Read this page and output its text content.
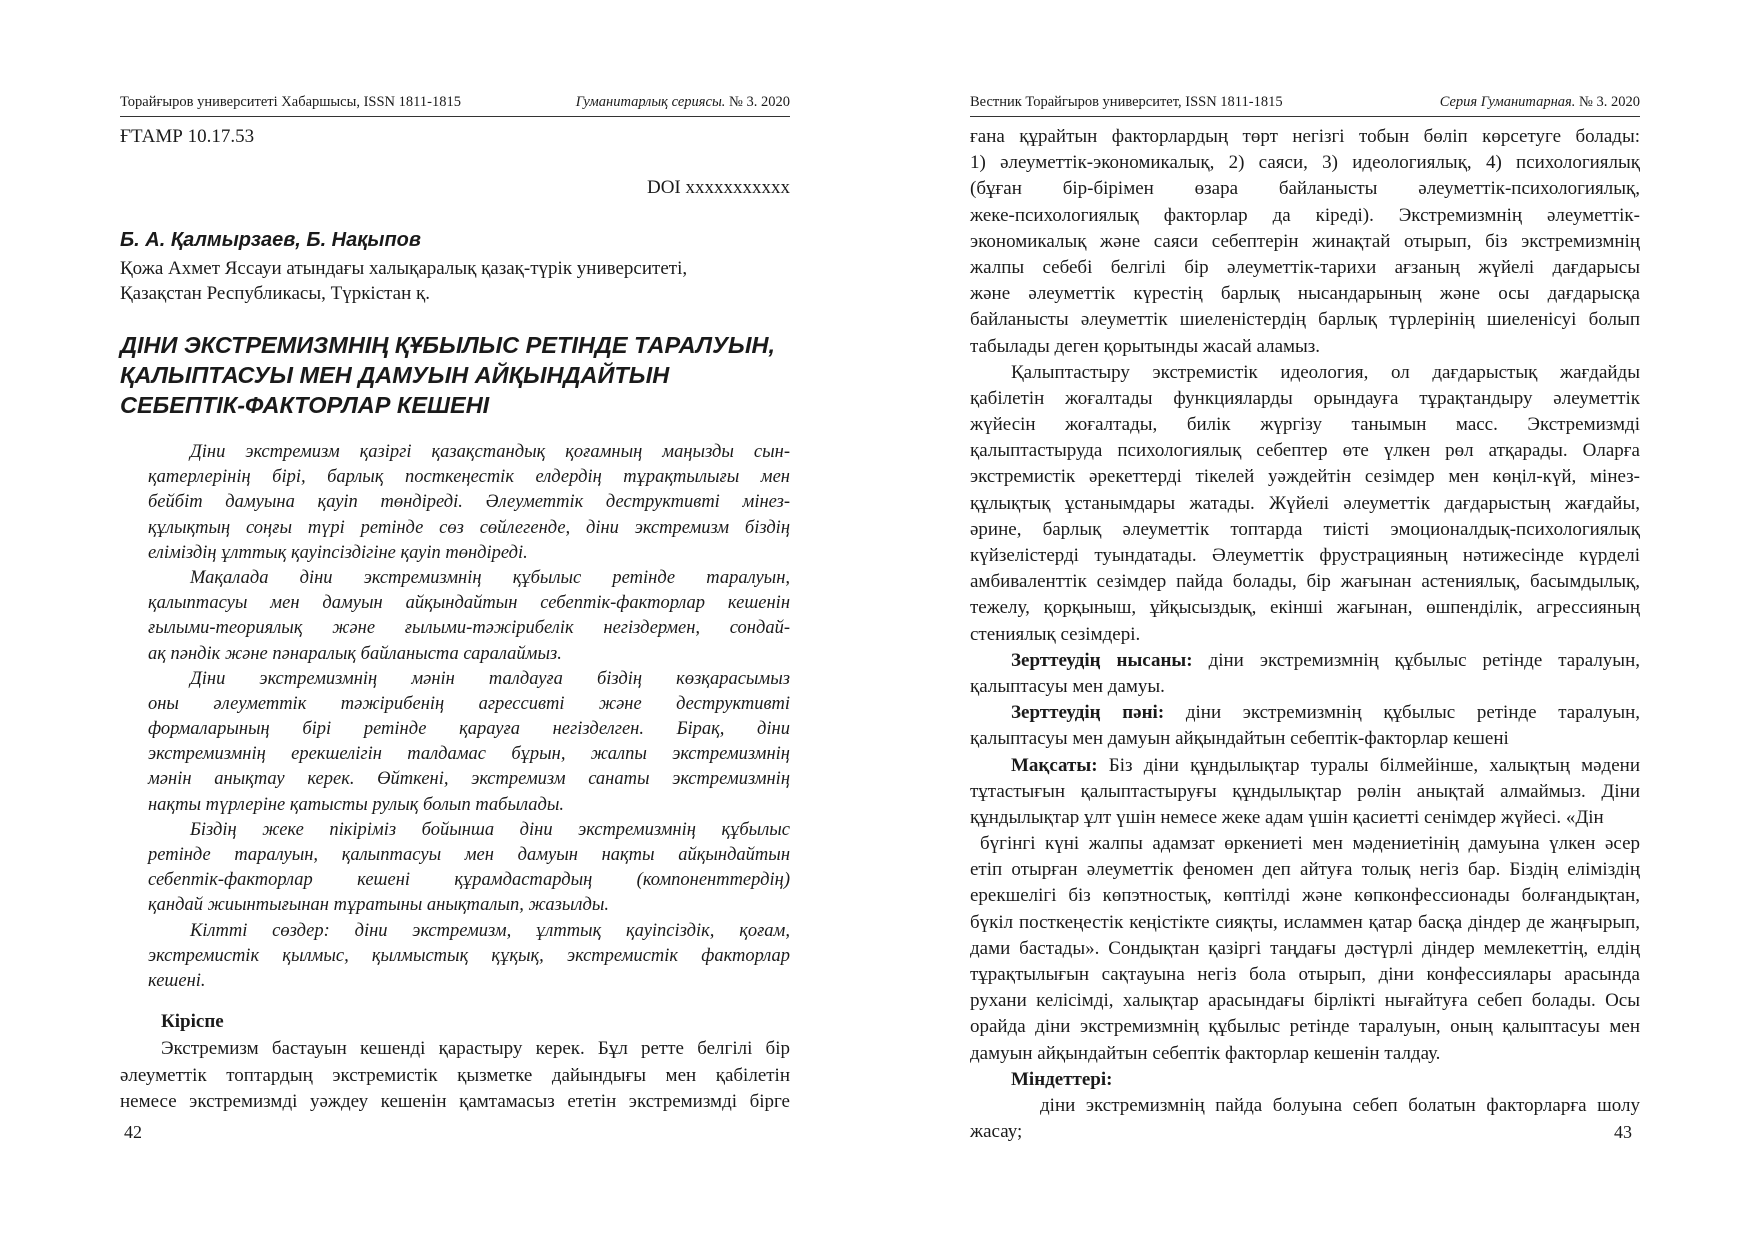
Торайғыров университеті Хабаршысы, ISSN 1811-1815	Гуманитарлық сериясы. № 3. 2020
ҒТАМР 10.17.53
DOI xxxxxxxxxxx
Б. А. Қалмырзаев, Б. Нақыпов
Қожа Ахмет Яссауи атындағы халықаралық қазақ-түрік университеті,
Қазақстан Республикасы, Түркістан қ.
ДІНИ ЭКСТРЕМИЗМНІҢ ҚҰБЫЛЫС РЕТІНДЕ ТАРАЛУЫН,
ҚАЛЫПТАСУЫ МЕН ДАМУЫН АЙҚЫНДАЙТЫН
СЕБЕПТІК-ФАКТОРЛАР КЕШЕНІ
Діни экстремизм қазіргі қазақстандық қоғамның маңызды сын-
қатерлерінің бірі, барлық посткеңестік елдердің тұрақтылығы мен
бейбіт дамуына қауіп төндіреді. Әлеуметтік деструктивті мінез-
құлықтың соңғы түрі ретінде сөз сөйлегенде, діни экстремизм біздің
еліміздің ұлттық қауіпсіздігіне қауіп төндіреді.
Мақалада діни экстремизмнің құбылыс ретінде таралуын,
қалыптасуы мен дамуын айқындайтын себептік-факторлар кешенін
ғылыми-теориялық және ғылыми-тәжірибелік негіздермен, сондай-
ақ пәндік және пәнаралық байланыста саралаймыз.
Діни экстремизмнің мәнін талдауға біздің көзқарасымыз
оны әлеуметтік тәжірибенің агрессивті және деструктивті
формаларының бірі ретінде қарауға негізделген. Бірақ, діни
экстремизмнің ерекшелігін талдамас бұрын, жалпы экстремизмнің
мәнін анықтау керек. Өйткені, экстремизм санаты экстремизмнің
нақты түрлеріне қатысты рулық болып табылады.
Біздің жеке пікіріміз бойынша діни экстремизмнің құбылыс
ретінде таралуын, қалыптасуы мен дамуын нақты айқындайтын
себептік-факторлар кешені құрамдастардың (компоненттердің)
қандай жиынтығынан тұратыны анықталып, жазылды.
Кілтті сөздер: діни экстремизм, ұлттық қауіпсіздік, қоғам,
экстремистік қылмыс, қылмыстық құқық, экстремистік факторлар
кешені.
Кіріспе
Экстремизм бастауын кешенді қарастыру керек. Бұл ретте белгілі бір
әлеуметтік топтардың экстремистік қызметке дайындығы мен қабілетін
немесе экстремизмді уәждеу кешенін қамтамасыз ететін экстремизмді бірге
42
Вестник Торайгыров университет, ISSN 1811-1815	Серия Гуманитарная. № 3. 2020
ғана құрайтын факторлардың төрт негізгі тобын бөліп көрсетуге болады:
1) әлеуметтік-экономикалық, 2) саяси, 3) идеологиялық, 4) психологиялық
(бұған бір-бірімен өзара байланысты әлеуметтік-психологиялық,
жеке-психологиялық факторлар да кіреді). Экстремизмнің әлеуметтік-
экономикалық және саяси себептерін жинақтай отырып, біз экстремизмнің
жалпы себебі белгілі бір әлеуметтік-тарихи ағзаның жүйелі дағдарысы
және әлеуметтік күрестің барлық нысандарының және осы дағдарысқа
байланысты әлеуметтік шиеленістердің барлық түрлерінің шиеленісуі болып
табылады деген қорытынды жасай аламыз.
Қалыптастыру экстремистік идеология, ол дағдарыстық жағдайды
қабілетін жоғалтады функцияларды орындауға тұрақтандыру әлеуметтік
жүйесін жоғалтады, билік жүргізу танымын масс. Экстремизмді
қалыптастыруда психологиялық себептер өте үлкен рөл атқарады. Оларға
экстремистік әрекеттерді тікелей уәждейтін сезімдер мен көңіл-күй, мінез-
құлықтық ұстанымдары жатады. Жүйелі әлеуметтік дағдарыстың жағдайы,
әрине, барлық әлеуметтік топтарда тиісті эмоционалдық-психологиялық
күйзелістерді туындатады. Әлеуметтік фрустрацияның нәтижесінде күрделі
амбиваленттік сезімдер пайда болады, бір жағынан астениялық, басымдылық,
тежелу, қорқыныш, ұйқысыздық, екінші жағынан, өшпенділік, агрессияның
стениялық сезімдері.
Зерттеудің нысаны: діни экстремизмнің құбылыс ретінде таралуын,
қалыптасуы мен дамуы.
Зерттеудің пәні: діни экстремизмнің құбылыс ретінде таралуын,
қалыптасуы мен дамуын айқындайтын себептік-факторлар кешені
Мақсаты: Біз діни құндылықтар туралы білмейінше, халықтың мәдени
тұтастығын қалыптастыруғы құндылықтар рөлін анықтай алмаймыз. Діни
құндылықтар ұлт үшін немесе жеке адам үшін қасиетті сенімдер жүйесі. «Дін
бүгінгі күні жалпы адамзат өркениеті мен мәдениетінің дамуына үлкен әсер
етіп отырған әлеуметтік феномен деп айтуға толық негіз бар. Біздің еліміздің
ерекшелігі біз көпэтностық, көптілді және көпконфессионады болғандықтан,
бүкіл посткеңестік кеңістікте сияқты, исламмен қатар басқа діндер де жаңғырып,
дами бастады». Сондықтан қазіргі таңдағы дәстүрлі діндер мемлекеттің, елдің
тұрақтылығын сақтауына негіз бола отырып, діни конфессиялары арасында
рухани келісімді, халықтар арасындағы бірлікті нығайтуға себеп болады. Осы
орайда діни экстремизмнің құбылыс ретінде таралуын, оның қалыптасуы мен
дамуын айқындайтын себептік факторлар кешенін талдау.
Міндеттері:
діни экстремизмнің пайда болуына себеп болатын факторларға шолу
жасау;	43
